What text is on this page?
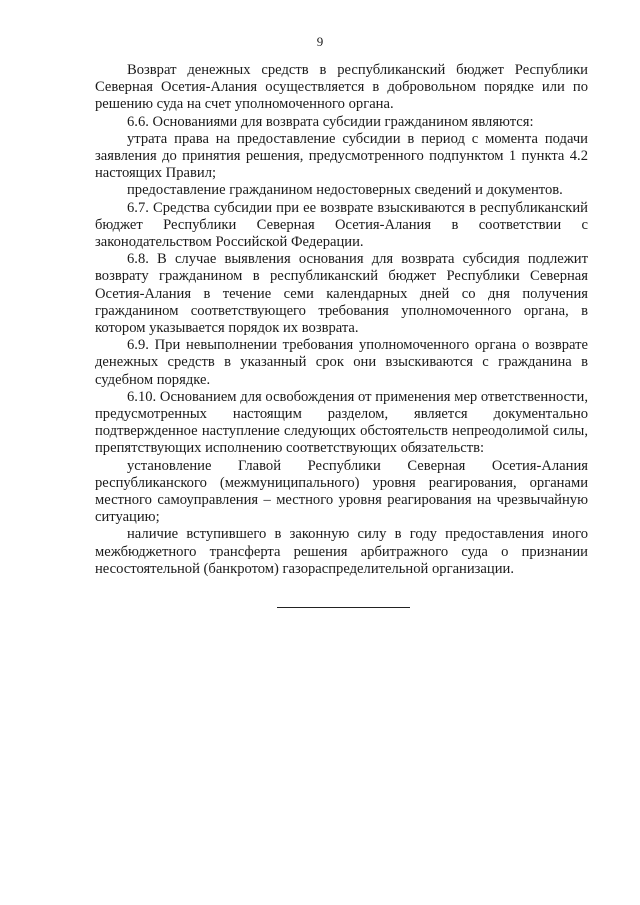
9

Возврат денежных средств в республиканский бюджет Республики Северная Осетия-Алания осуществляется в добровольном порядке или по решению суда на счет уполномоченного органа.

6.6. Основаниями для возврата субсидии гражданином являются:

утрата права на предоставление субсидии в период с момента подачи заявления до принятия решения, предусмотренного подпунктом 1 пункта 4.2 настоящих Правил;

предоставление гражданином недостоверных сведений и документов.

6.7. Средства субсидии при ее возврате взыскиваются в республиканский бюджет Республики Северная Осетия-Алания в соответствии с законодательством Российской Федерации.

6.8. В случае выявления основания для возврата субсидия подлежит возврату гражданином в республиканский бюджет Республики Северная Осетия-Алания в течение семи календарных дней со дня получения гражданином соответствующего требования уполномоченного органа, в котором указывается порядок их возврата.

6.9. При невыполнении требования уполномоченного органа о возврате денежных средств в указанный срок они взыскиваются с гражданина в судебном порядке.

6.10. Основанием для освобождения от применения мер ответственности, предусмотренных настоящим разделом, является документально подтвержденное наступление следующих обстоятельств непреодолимой силы, препятствующих исполнению соответствующих обязательств:

установление Главой Республики Северная Осетия-Алания республиканского (межмуниципального) уровня реагирования, органами местного самоуправления – местного уровня реагирования на чрезвычайную ситуацию;

наличие вступившего в законную силу в году предоставления иного межбюджетного трансферта решения арбитражного суда о признании несостоятельной (банкротом) газораспределительной организации.
